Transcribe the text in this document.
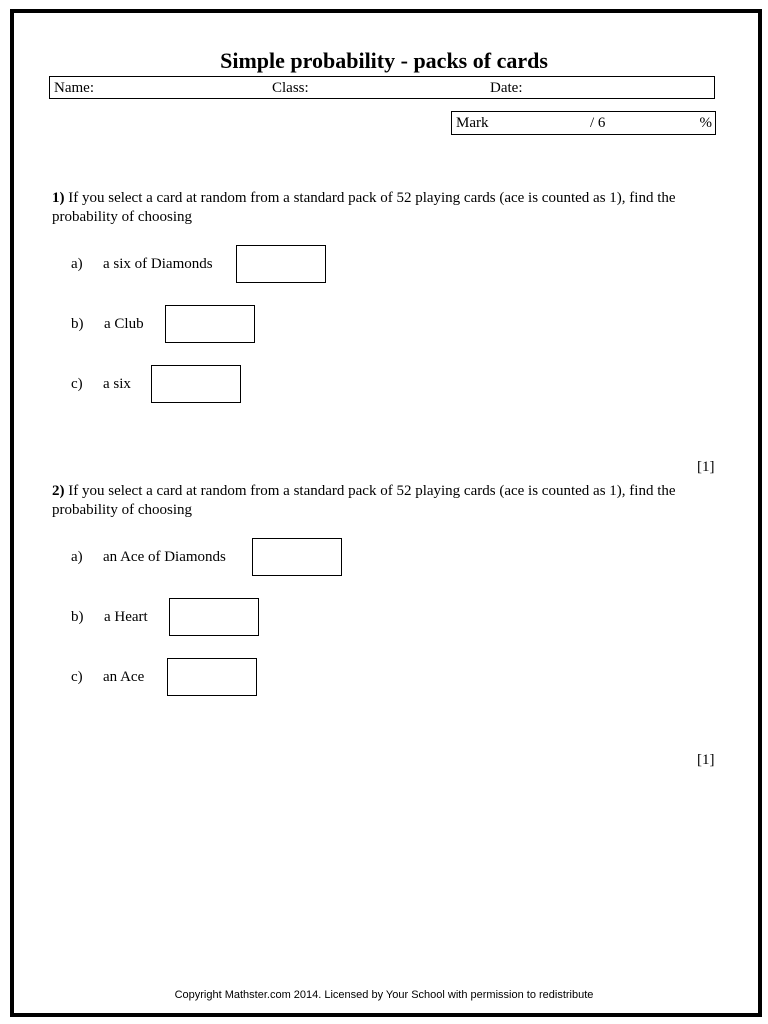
Simple probability - packs of cards
Name:	Class:	Date:
Mark	/ 6	%
1) If you select a card at random from a standard pack of 52 playing cards (ace is counted as 1), find the probability of choosing
a) a six of Diamonds
b) a Club
c) a six
[1]
2) If you select a card at random from a standard pack of 52 playing cards (ace is counted as 1), find the probability of choosing
a) an Ace of Diamonds
b) a Heart
c) an Ace
[1]
Copyright Mathster.com 2014. Licensed by Your School with permission to redistribute
